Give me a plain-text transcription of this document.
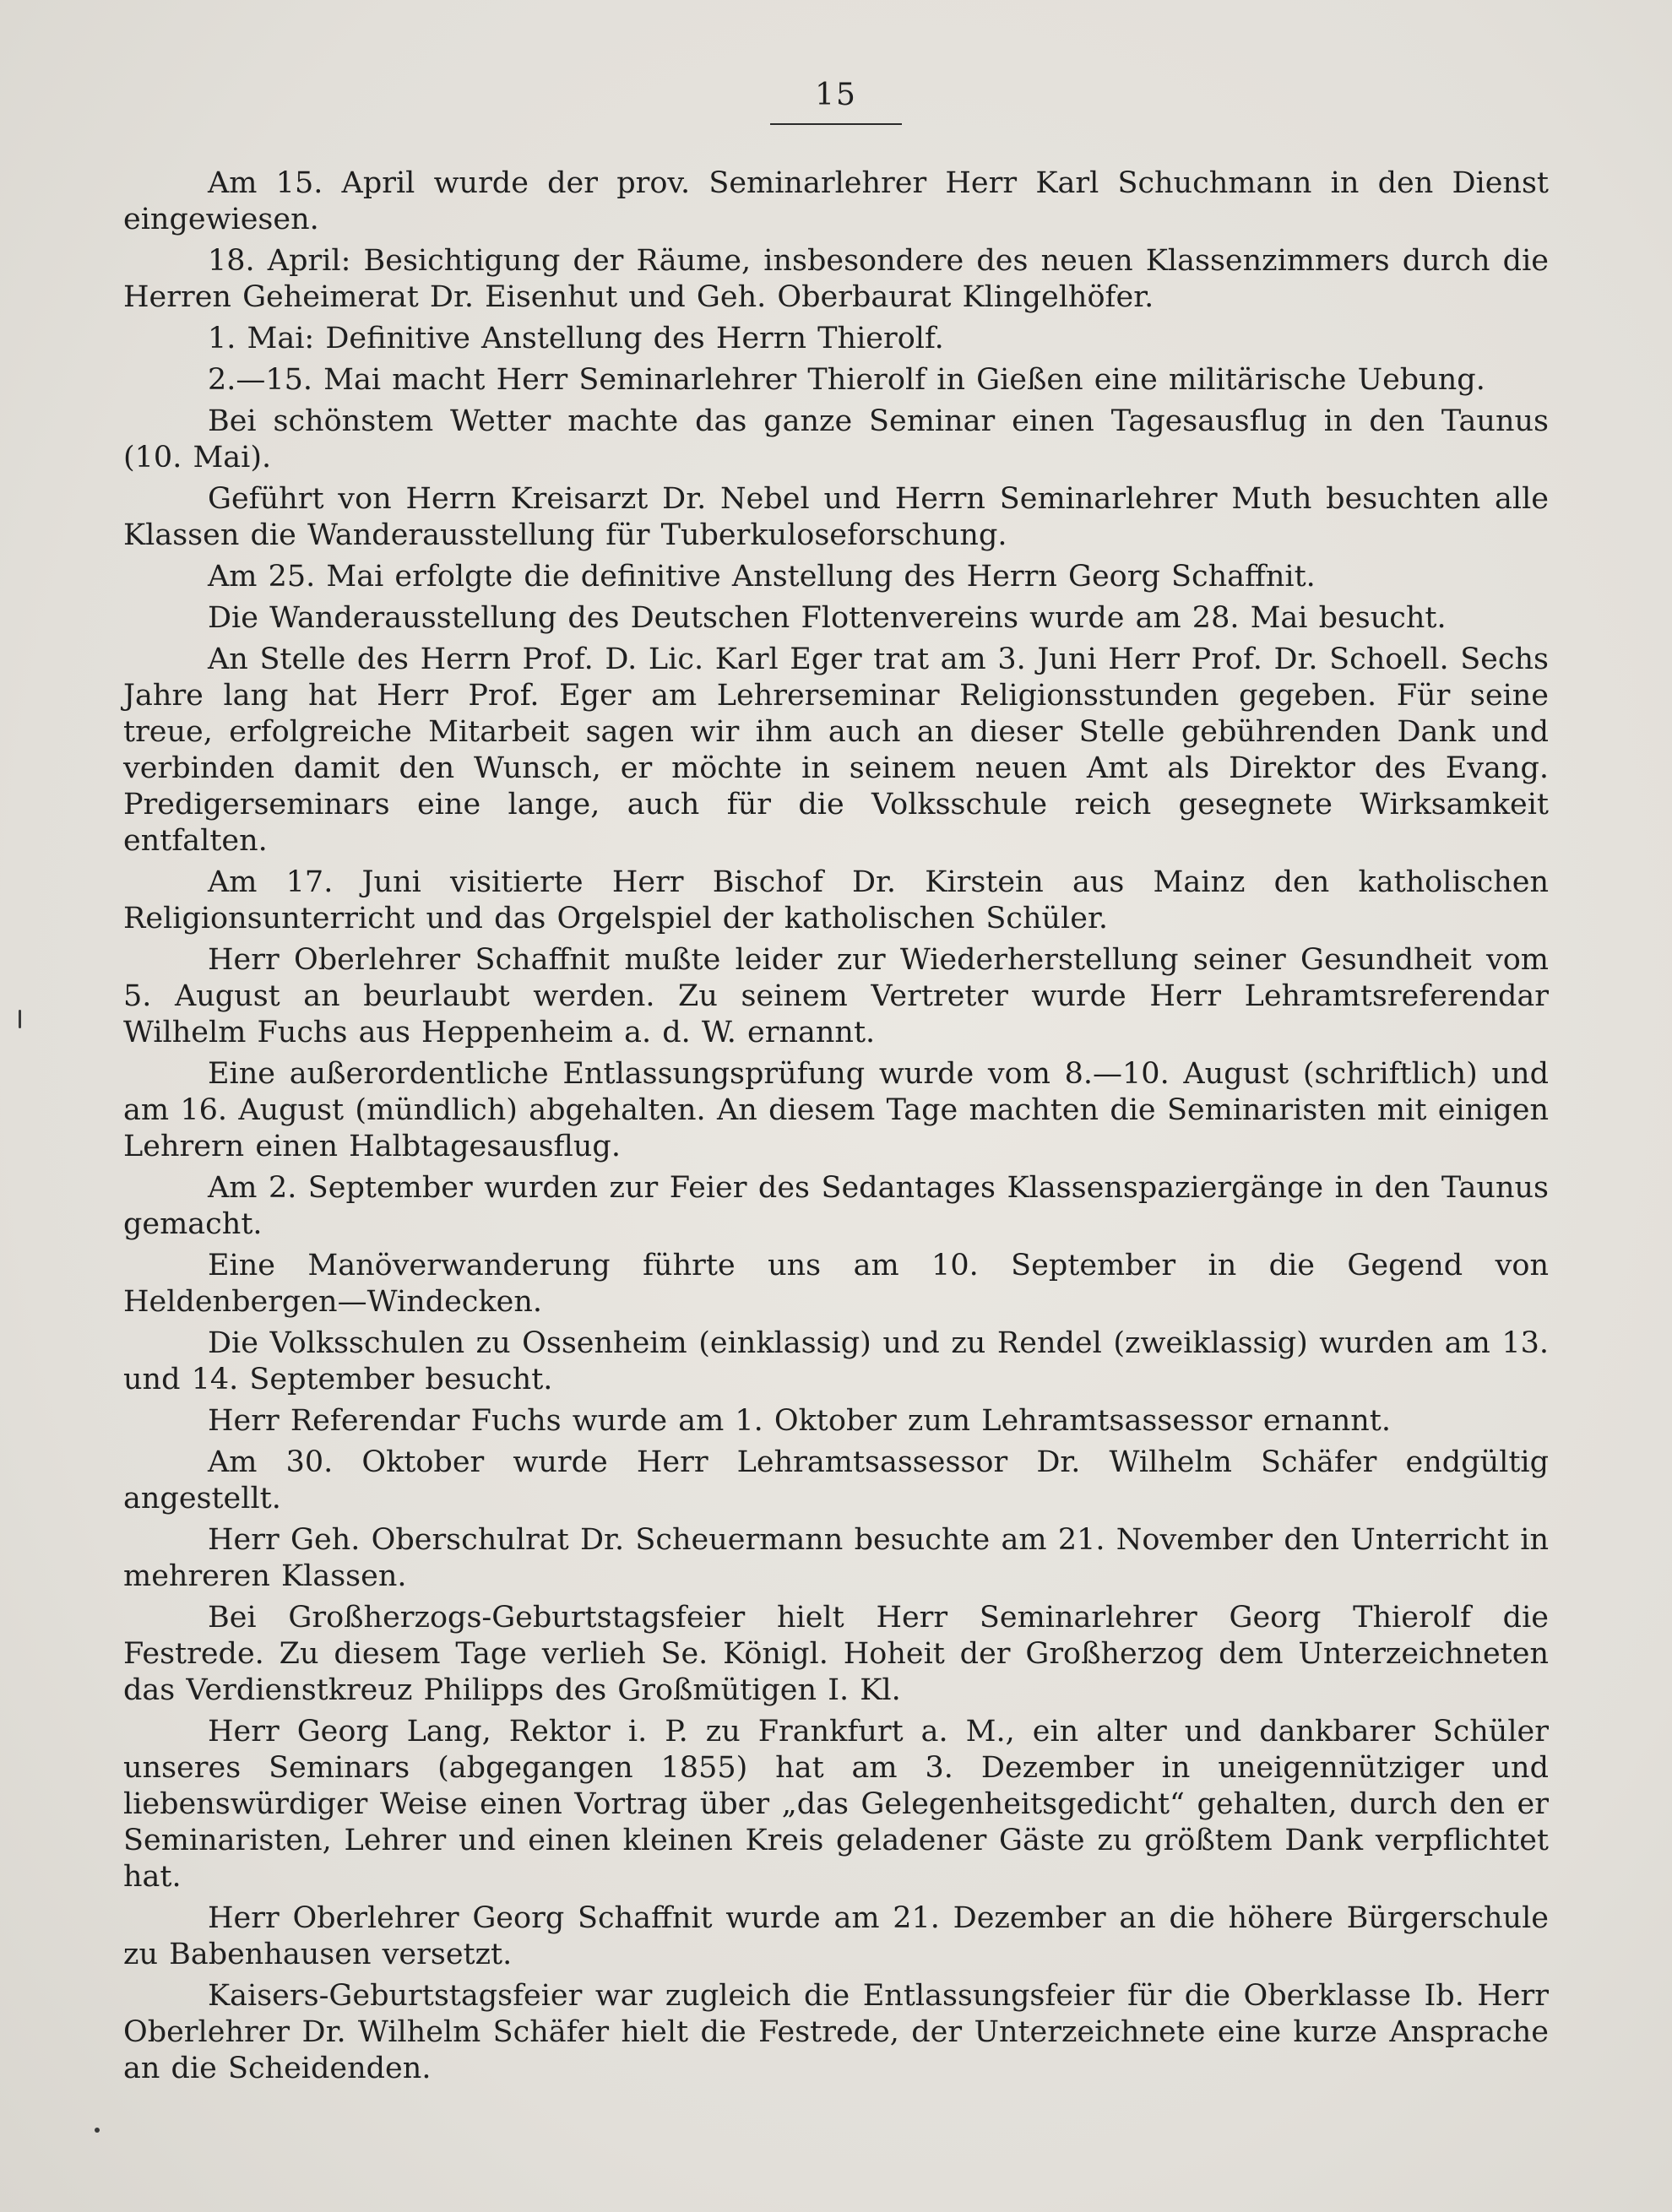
15

Am 15. April wurde der prov. Seminarlehrer Herr Karl Schuchmann in den Dienst eingewiesen.

18. April: Besichtigung der Räume, insbesondere des neuen Klassenzimmers durch die Herren Geheimerat Dr. Eisenhut und Geh. Oberbaurat Klingelhöfer.

1. Mai: Definitive Anstellung des Herrn Thierolf.

2.—15. Mai macht Herr Seminarlehrer Thierolf in Gießen eine militärische Uebung.

Bei schönstem Wetter machte das ganze Seminar einen Tagesausflug in den Taunus (10. Mai).

Geführt von Herrn Kreisarzt Dr. Nebel und Herrn Seminarlehrer Muth besuchten alle Klassen die Wanderausstellung für Tuberkuloseforschung.

Am 25. Mai erfolgte die definitive Anstellung des Herrn Georg Schaffnit.

Die Wanderausstellung des Deutschen Flottenvereins wurde am 28. Mai besucht.

An Stelle des Herrn Prof. D. Lic. Karl Eger trat am 3. Juni Herr Prof. Dr. Schoell. Sechs Jahre lang hat Herr Prof. Eger am Lehrerseminar Religionsstunden gegeben. Für seine treue, erfolgreiche Mitarbeit sagen wir ihm auch an dieser Stelle gebührenden Dank und verbinden damit den Wunsch, er möchte in seinem neuen Amt als Direktor des Evang. Predigerseminars eine lange, auch für die Volksschule reich gesegnete Wirksamkeit entfalten.

Am 17. Juni visitierte Herr Bischof Dr. Kirstein aus Mainz den katholischen Religionsunterricht und das Orgelspiel der katholischen Schüler.

Herr Oberlehrer Schaffnit mußte leider zur Wiederherstellung seiner Gesundheit vom 5. August an beurlaubt werden. Zu seinem Vertreter wurde Herr Lehramtsreferendar Wilhelm Fuchs aus Heppenheim a. d. W. ernannt.

Eine außerordentliche Entlassungsprüfung wurde vom 8.—10. August (schriftlich) und am 16. August (mündlich) abgehalten. An diesem Tage machten die Seminaristen mit einigen Lehrern einen Halbtagesausflug.

Am 2. September wurden zur Feier des Sedantages Klassenspaziergänge in den Taunus gemacht.

Eine Manöverwanderung führte uns am 10. September in die Gegend von Heldenbergen—Windecken.

Die Volksschulen zu Ossenheim (einklassig) und zu Rendel (zweiklassig) wurden am 13. und 14. September besucht.

Herr Referendar Fuchs wurde am 1. Oktober zum Lehramtsassessor ernannt.

Am 30. Oktober wurde Herr Lehramtsassessor Dr. Wilhelm Schäfer endgültig angestellt.

Herr Geh. Oberschulrat Dr. Scheuermann besuchte am 21. November den Unterricht in mehreren Klassen.

Bei Großherzogs-Geburtstagsfeier hielt Herr Seminarlehrer Georg Thierolf die Festrede. Zu diesem Tage verlieh Se. Königl. Hoheit der Großherzog dem Unterzeichneten das Verdienstkreuz Philipps des Großmütigen I. Kl.

Herr Georg Lang, Rektor i. P. zu Frankfurt a. M., ein alter und dankbarer Schüler unseres Seminars (abgegangen 1855) hat am 3. Dezember in uneigennütziger und liebenswürdiger Weise einen Vortrag über „das Gelegenheitsgedicht“ gehalten, durch den er Seminaristen, Lehrer und einen kleinen Kreis geladener Gäste zu größtem Dank verpflichtet hat.

Herr Oberlehrer Georg Schaffnit wurde am 21. Dezember an die höhere Bürgerschule zu Babenhausen versetzt.

Kaisers-Geburtstagsfeier war zugleich die Entlassungsfeier für die Oberklasse Ib. Herr Oberlehrer Dr. Wilhelm Schäfer hielt die Festrede, der Unterzeichnete eine kurze Ansprache an die Scheidenden.
